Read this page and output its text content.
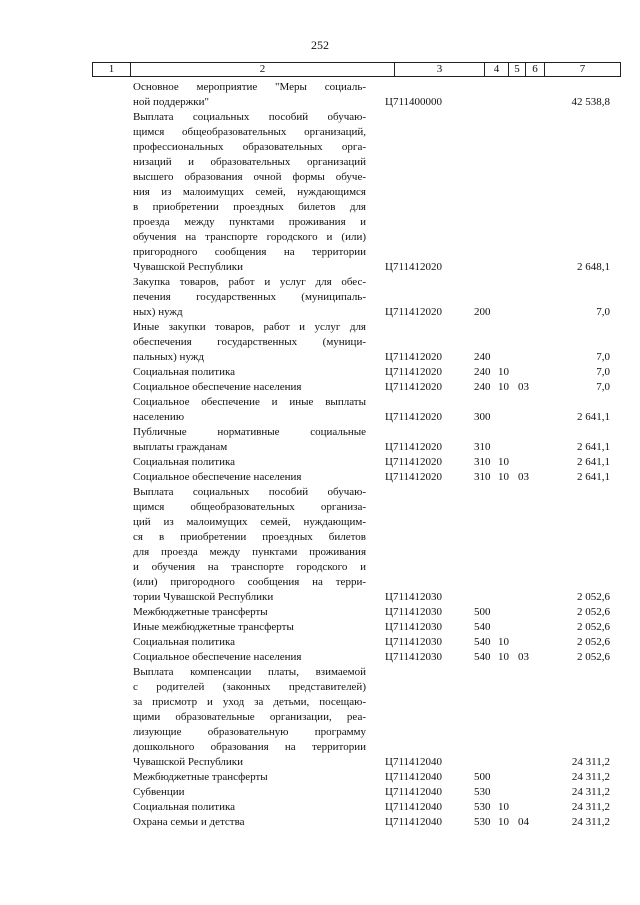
252
1	2	3	4	5	6	7
Основное мероприятие "Меры социаль-
ной поддержки"	Ц711400000	42 538,8
Выплата социальных пособий обучаю-
щимся общеобразовательных организаций,
профессиональных образовательных орга-
низаций и образовательных организаций
высшего образования очной формы обуче-
ния из малоимущих семей, нуждающимся
в приобретении проездных билетов для
проезда между пунктами проживания и
обучения на транспорте городского и (или)
пригородного сообщения на территории
Чувашской Республики	Ц711412020	2 648,1
Закупка товаров, работ и услуг для обес-
печения государственных (муниципаль-
ных) нужд	Ц711412020	200	7,0
Иные закупки товаров, работ и услуг для
обеспечения государственных (муници-
пальных) нужд	Ц711412020	240	7,0
Социальная политика	Ц711412020	240 10	7,0
Социальное обеспечение населения	Ц711412020	240 10 03	7,0
Социальное обеспечение и иные выплаты
населению	Ц711412020	300	2 641,1
Публичные нормативные социальные
выплаты гражданам	Ц711412020	310	2 641,1
Социальная политика	Ц711412020	310 10	2 641,1
Социальное обеспечение населения	Ц711412020	310 10 03	2 641,1
Выплата социальных пособий обучаю-
щимся общеобразовательных организа-
ций из малоимущих семей, нуждающим-
ся в приобретении проездных билетов
для проезда между пунктами проживания
и обучения на транспорте городского и
(или) пригородного сообщения на терри-
тории Чувашской Республики	Ц711412030	2 052,6
Межбюджетные трансферты	Ц711412030	500	2 052,6
Иные межбюджетные трансферты	Ц711412030	540	2 052,6
Социальная политика	Ц711412030	540 10	2 052,6
Социальное обеспечение населения	Ц711412030	540 10 03	2 052,6
Выплата компенсации платы, взимаемой
с родителей (законных представителей)
за присмотр и уход за детьми, посещаю-
щими образовательные организации, реа-
лизующие образовательную программу
дошкольного образования на территории
Чувашской Республики	Ц711412040	24 311,2
Межбюджетные трансферты	Ц711412040	500	24 311,2
Субвенции	Ц711412040	530	24 311,2
Социальная политика	Ц711412040	530 10	24 311,2
Охрана семьи и детства	Ц711412040	530 10 04	24 311,2
